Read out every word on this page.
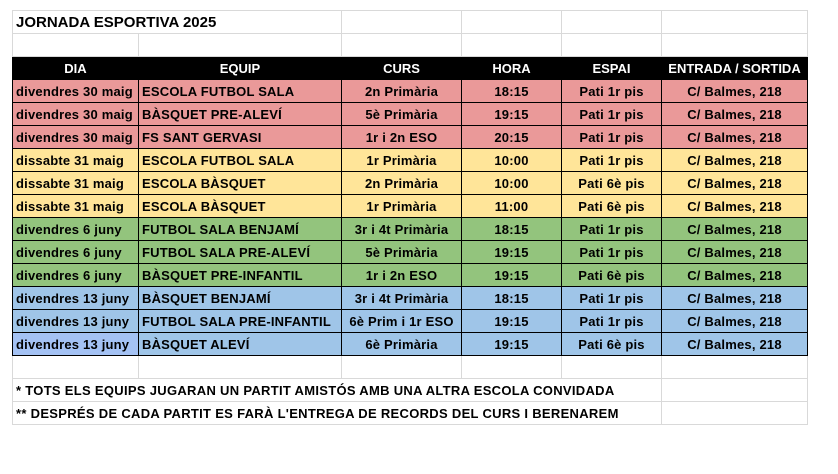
JORNADA ESPORTIVA 2025					

DIA	EQUIP	CURS	HORA	ESPAI	ENTRADA / SORTIDA
divendres 30 maig	ESCOLA FUTBOL SALA	2n Primària	18:15	Pati 1r pis	C/ Balmes, 218
divendres 30 maig	BÀSQUET PRE-ALEVÍ	5è Primària	19:15	Pati 1r pis	C/ Balmes, 218
divendres 30 maig	FS SANT GERVASI	1r i 2n ESO	20:15	Pati 1r pis	C/ Balmes, 218
dissabte 31 maig	ESCOLA FUTBOL SALA	1r Primària	10:00	Pati 1r pis	C/ Balmes, 218
dissabte 31 maig	ESCOLA BÀSQUET	2n Primària	10:00	Pati 6è pis	C/ Balmes, 218
dissabte 31 maig	ESCOLA BÀSQUET	1r Primària	11:00	Pati 6è pis	C/ Balmes, 218
divendres 6 juny	FUTBOL SALA BENJAMÍ	3r i 4t Primària	18:15	Pati 1r pis	C/ Balmes, 218
divendres 6 juny	FUTBOL SALA PRE-ALEVÍ	5è Primària	19:15	Pati 1r pis	C/ Balmes, 218
divendres 6 juny	BÀSQUET PRE-INFANTIL	1r i 2n ESO	19:15	Pati 6è pis	C/ Balmes, 218
divendres 13 juny	BÀSQUET BENJAMÍ	3r i 4t Primària	18:15	Pati 1r pis	C/ Balmes, 218
divendres 13 juny	FUTBOL SALA PRE-INFANTIL	6è Prim i 1r ESO	19:15	Pati 1r pis	C/ Balmes, 218
divendres 13 juny	BÀSQUET ALEVÍ	6è Primària	19:15	Pati 6è pis	C/ Balmes, 218

* TOTS ELS EQUIPS JUGARAN UN PARTIT AMISTÓS AMB UNA ALTRA ESCOLA CONVIDADA					
** DESPRÉS DE CADA PARTIT ES FARÀ L'ENTREGA DE RECORDS DEL CURS I BERENAREM					
